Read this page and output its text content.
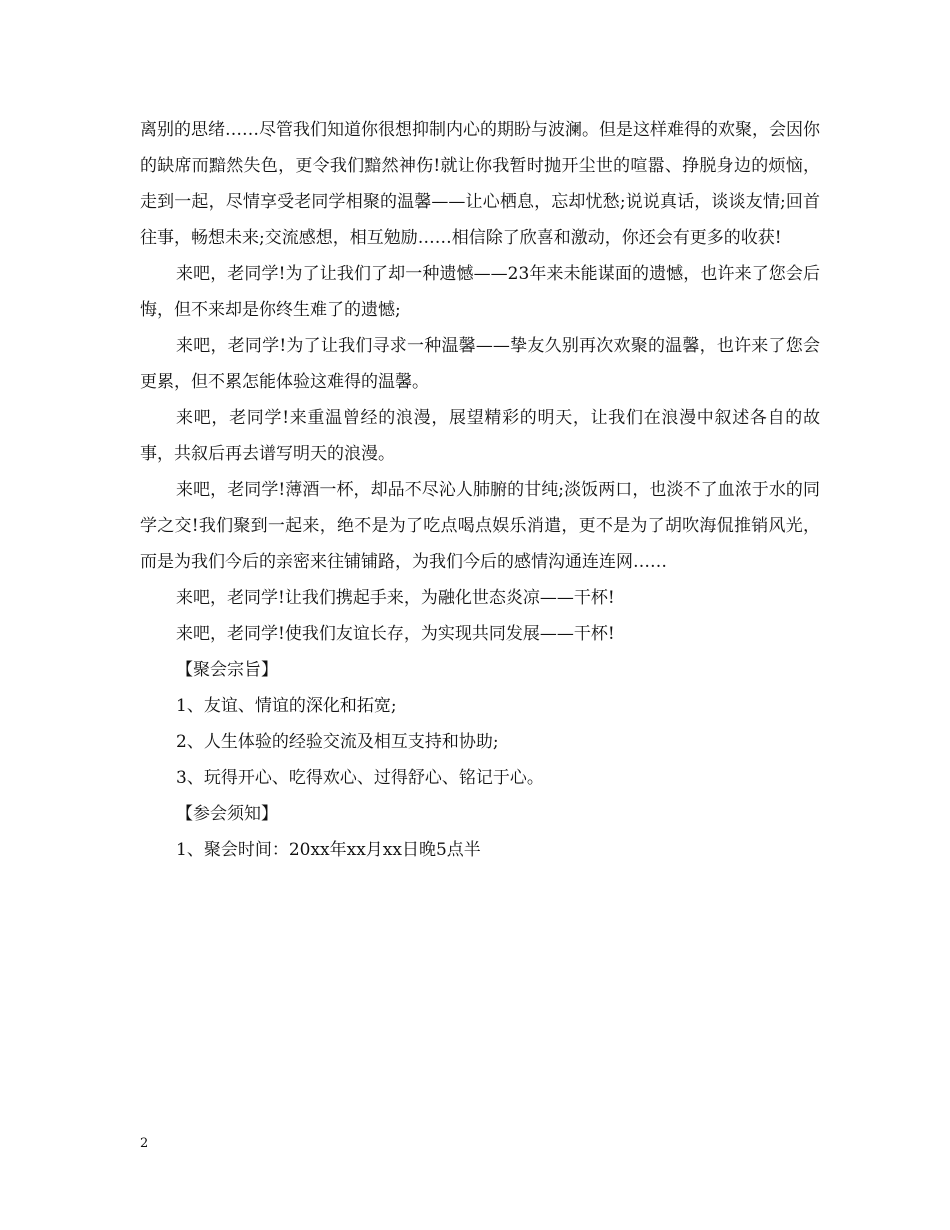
离别的思绪……尽管我们知道你很想抑制内心的期盼与波澜。但是这样难得的欢聚，会因你的缺席而黯然失色，更令我们黯然神伤!就让你我暂时抛开尘世的喧嚣、挣脱身边的烦恼，走到一起，尽情享受老同学相聚的温馨——让心栖息，忘却忧愁;说说真话，谈谈友情;回首往事，畅想未来;交流感想，相互勉励……相信除了欣喜和激动，你还会有更多的收获!

来吧，老同学!为了让我们了却一种遗憾——23年来未能谋面的遗憾，也许来了您会后悔，但不来却是你终生难了的遗憾;

来吧，老同学!为了让我们寻求一种温馨——挚友久别再次欢聚的温馨，也许来了您会更累，但不累怎能体验这难得的温馨。

来吧，老同学!来重温曾经的浪漫，展望精彩的明天，让我们在浪漫中叙述各自的故事，共叙后再去谱写明天的浪漫。

来吧，老同学!薄酒一杯，却品不尽沁人肺腑的甘纯;淡饭两口，也淡不了血浓于水的同学之交!我们聚到一起来，绝不是为了吃点喝点娱乐消遣，更不是为了胡吹海侃推销风光，而是为我们今后的亲密来往铺铺路，为我们今后的感情沟通连连网……

来吧，老同学!让我们携起手来，为融化世态炎凉——干杯!

来吧，老同学!使我们友谊长存，为实现共同发展——干杯!

【聚会宗旨】

1、友谊、情谊的深化和拓宽;

2、人生体验的经验交流及相互支持和协助;

3、玩得开心、吃得欢心、过得舒心、铭记于心。

【参会须知】

1、聚会时间：20xx年xx月xx日晚5点半

2
